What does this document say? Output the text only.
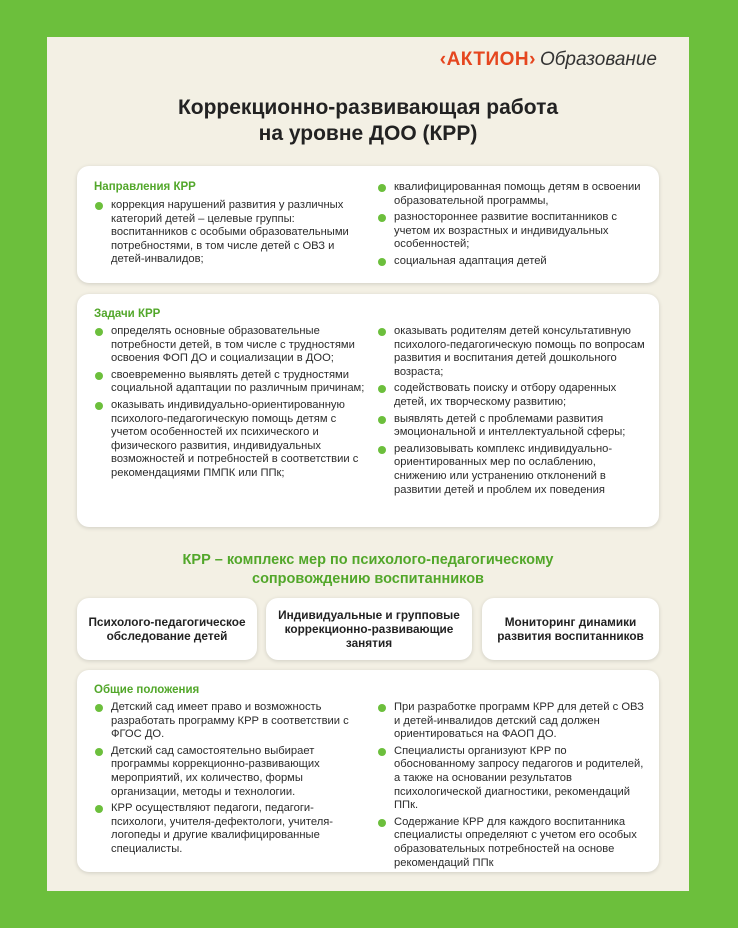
‹АКТИОН› Образование
Коррекционно-развивающая работа
на уровне ДОО (КРР)
Направления КРР
коррекция нарушений развития у различных категорий детей – целевые группы: воспитанников с особыми образовательными потребностями, в том числе детей с ОВЗ и детей-инвалидов;
квалифицированная помощь детям в освоении образовательной программы,
разностороннее развитие воспитанников с учетом их возрастных и индивидуальных особенностей;
социальная адаптация детей
Задачи КРР
определять основные образовательные потребности детей, в том числе с трудностями освоения ФОП ДО и социализации в ДОО;
своевременно выявлять детей с трудностями социальной адаптации по различным причинам;
оказывать индивидуально-ориентированную психолого-педагогическую помощь детям с учетом особенностей их психического и физического развития, индивидуальных возможностей и потребностей в соответствии с рекомендациями ПМПК или ППк;
оказывать родителям детей консультативную психолого-педагогическую помощь по вопросам развития и воспитания детей дошкольного возраста;
содействовать поиску и отбору одаренных детей, их творческому развитию;
выявлять детей с проблемами развития эмоциональной и интеллектуальной сферы;
реализовывать комплекс индивидуально-ориентированных мер по ослаблению, снижению или устранению отклонений в развитии детей и проблем их поведения
КРР – комплекс мер по психолого-педагогическому
сопровождению воспитанников
Психолого-педагогическое обследование детей
Индивидуальные и групповые коррекционно-развивающие занятия
Мониторинг динамики развития воспитанников
Общие положения
Детский сад имеет право и возможность разработать программу КРР в соответствии с ФГОС ДО.
Детский сад самостоятельно выбирает программы коррекционно-развивающих мероприятий, их количество, формы организации, методы и технологии.
КРР осуществляют педагоги, педагоги-психологи, учителя-дефектологи, учителя-логопеды и другие квалифицированные специалисты.
При разработке программ КРР для детей с ОВЗ и детей-инвалидов детский сад должен ориентироваться на ФАОП ДО.
Специалисты организуют КРР по обоснованному запросу педагогов и родителей, а также на основании результатов психологической диагностики, рекомендаций ППк.
Содержание КРР для каждого воспитанника специалисты определяют с учетом его особых образовательных потребностей на основе рекомендаций ППк
